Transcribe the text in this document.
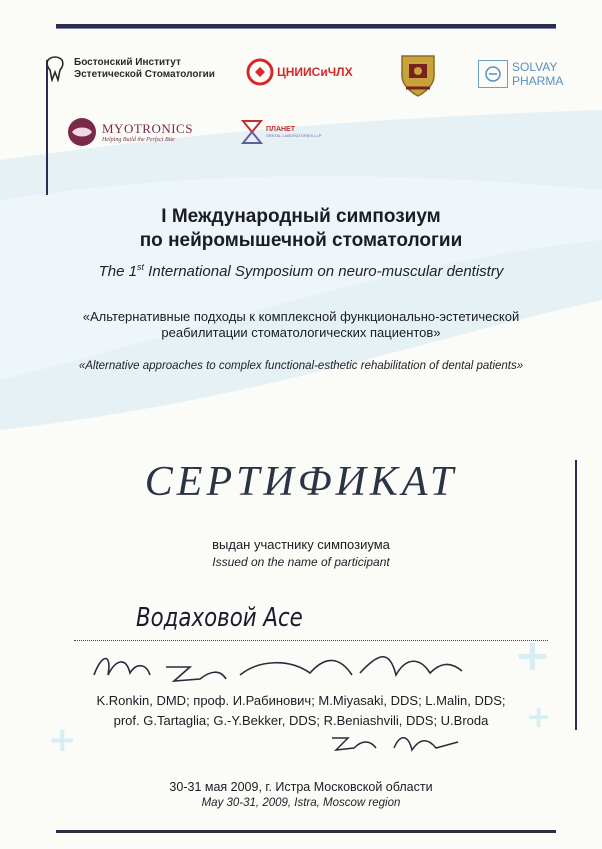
+
+
+
Бостонский Институт
Эстетической Стоматологии	ЦНИИСиЧЛХ	SOLVAY
PHARMA
MYOTRONICS
Helping Build the Perfect Bite
ПЛАНЕТ
DENTAL LABORATORIES LLP
I Международный симпозиум
по нейромышечной стоматологии
The 1st International Symposium on neuro-muscular dentistry
«Альтернативные подходы к комплексной функционально-эстетической
реабилитации стоматологических пациентов»
«Alternative approaches to complex functional-esthetic rehabilitation of dental patients»
СЕРТИФИКАТ
выдан участнику симпозиума
Issued on the name of participant
Водаховой Асе
K.Ronkin, DMD; проф. И.Рабинович; M.Miyasaki, DDS; L.Malin, DDS;
prof. G.Tartaglia; G.-Y.Bekker, DDS; R.Beniashvili, DDS; U.Broda
30-31 мая 2009, г. Истра Московской области
May 30-31, 2009, Istra, Moscow region
